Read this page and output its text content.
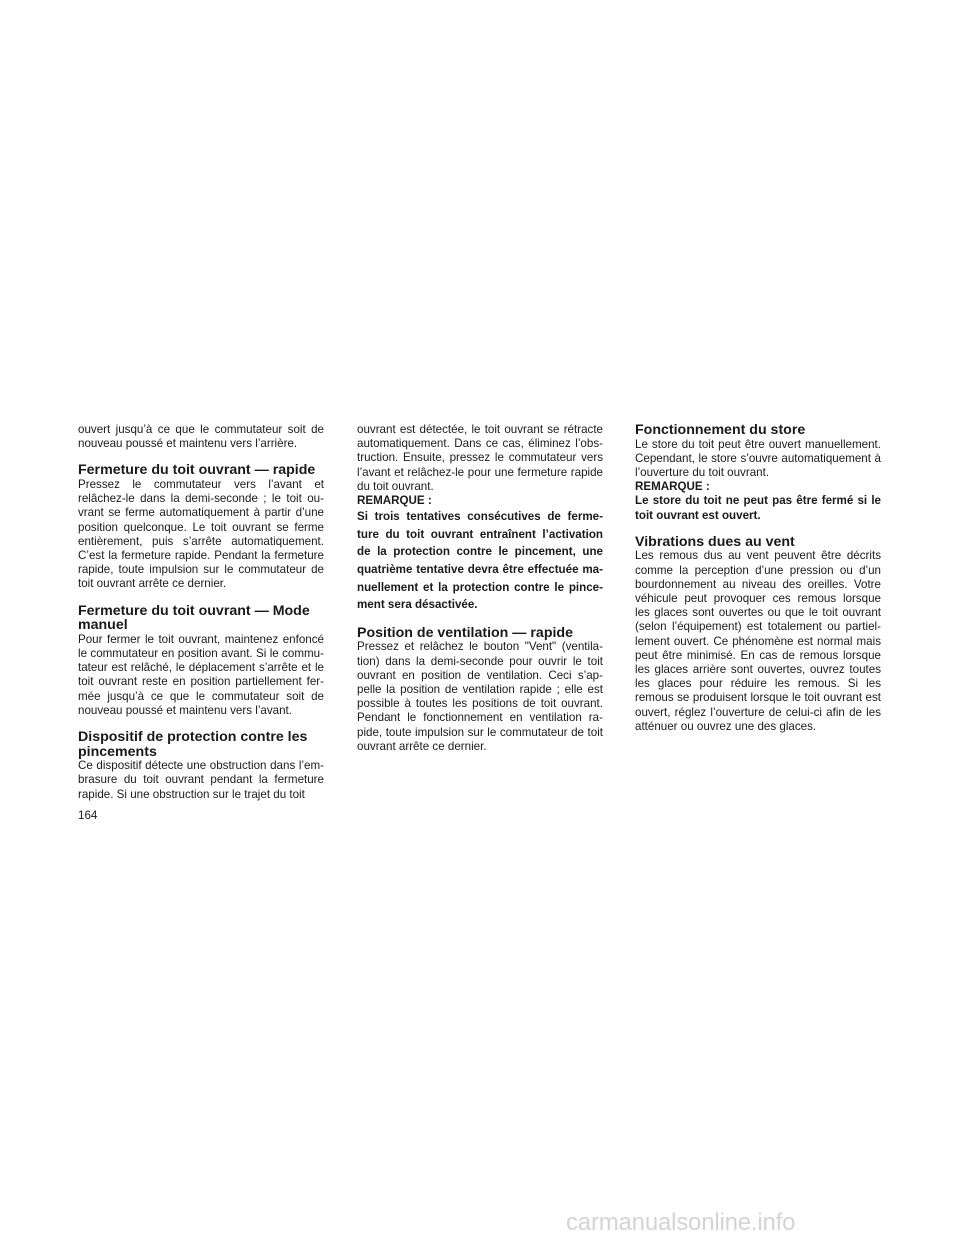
ouvert jusqu’à ce que le commutateur soit de nouveau poussé et maintenu vers l’arrière.

Fermeture du toit ouvrant — rapide

Pressez le commutateur vers l’avant et relâchez-le dans la demi-seconde ; le toit ouvrant se ferme automatiquement à partir d’une position quelconque. Le toit ouvrant se ferme entièrement, puis s’arrête automatiquement. C’est la fermeture rapide. Pendant la fermeture rapide, toute impulsion sur le commutateur de toit ouvrant arrête ce dernier.

Fermeture du toit ouvrant — Mode manuel

Pour fermer le toit ouvrant, maintenez enfoncé le commutateur en position avant. Si le commutateur est relâché, le déplacement s’arrête et le toit ouvrant reste en position partiellement fermée jusqu’à ce que le commutateur soit de nouveau poussé et maintenu vers l’avant.

Dispositif de protection contre les pincements

Ce dispositif détecte une obstruction dans l’embrasure du toit ouvrant pendant la fermeture rapide. Si une obstruction sur le trajet du toit

ouvrant est détectée, le toit ouvrant se rétracte automatiquement. Dans ce cas, éliminez l’obstruction. Ensuite, pressez le commutateur vers l’avant et relâchez-le pour une fermeture rapide du toit ouvrant.

REMARQUE :

Si trois tentatives consécutives de fermeture du toit ouvrant entraînent l’activation de la protection contre le pincement, une quatrième tentative devra être effectuée manuellement et la protection contre le pincement sera désactivée.

Position de ventilation — rapide

Pressez et relâchez le bouton "Vent" (ventilation) dans la demi-seconde pour ouvrir le toit ouvrant en position de ventilation. Ceci s’appelle la position de ventilation rapide ; elle est possible à toutes les positions de toit ouvrant. Pendant le fonctionnement en ventilation rapide, toute impulsion sur le commutateur de toit ouvrant arrête ce dernier.

Fonctionnement du store

Le store du toit peut être ouvert manuellement. Cependant, le store s’ouvre automatiquement à l’ouverture du toit ouvrant.

REMARQUE :

Le store du toit ne peut pas être fermé si le toit ouvrant est ouvert.

Vibrations dues au vent

Les remous dus au vent peuvent être décrits comme la perception d’une pression ou d’un bourdonnement au niveau des oreilles. Votre véhicule peut provoquer ces remous lorsque les glaces sont ouvertes ou que le toit ouvrant (selon l’équipement) est totalement ou partiellement ouvert. Ce phénomène est normal mais peut être minimisé. En cas de remous lorsque les glaces arrière sont ouvertes, ouvrez toutes les glaces pour réduire les remous. Si les remous se produisent lorsque le toit ouvrant est ouvert, réglez l’ouverture de celui-ci afin de les atténuer ou ouvrez une des glaces.

164
carmanualsonline.info
